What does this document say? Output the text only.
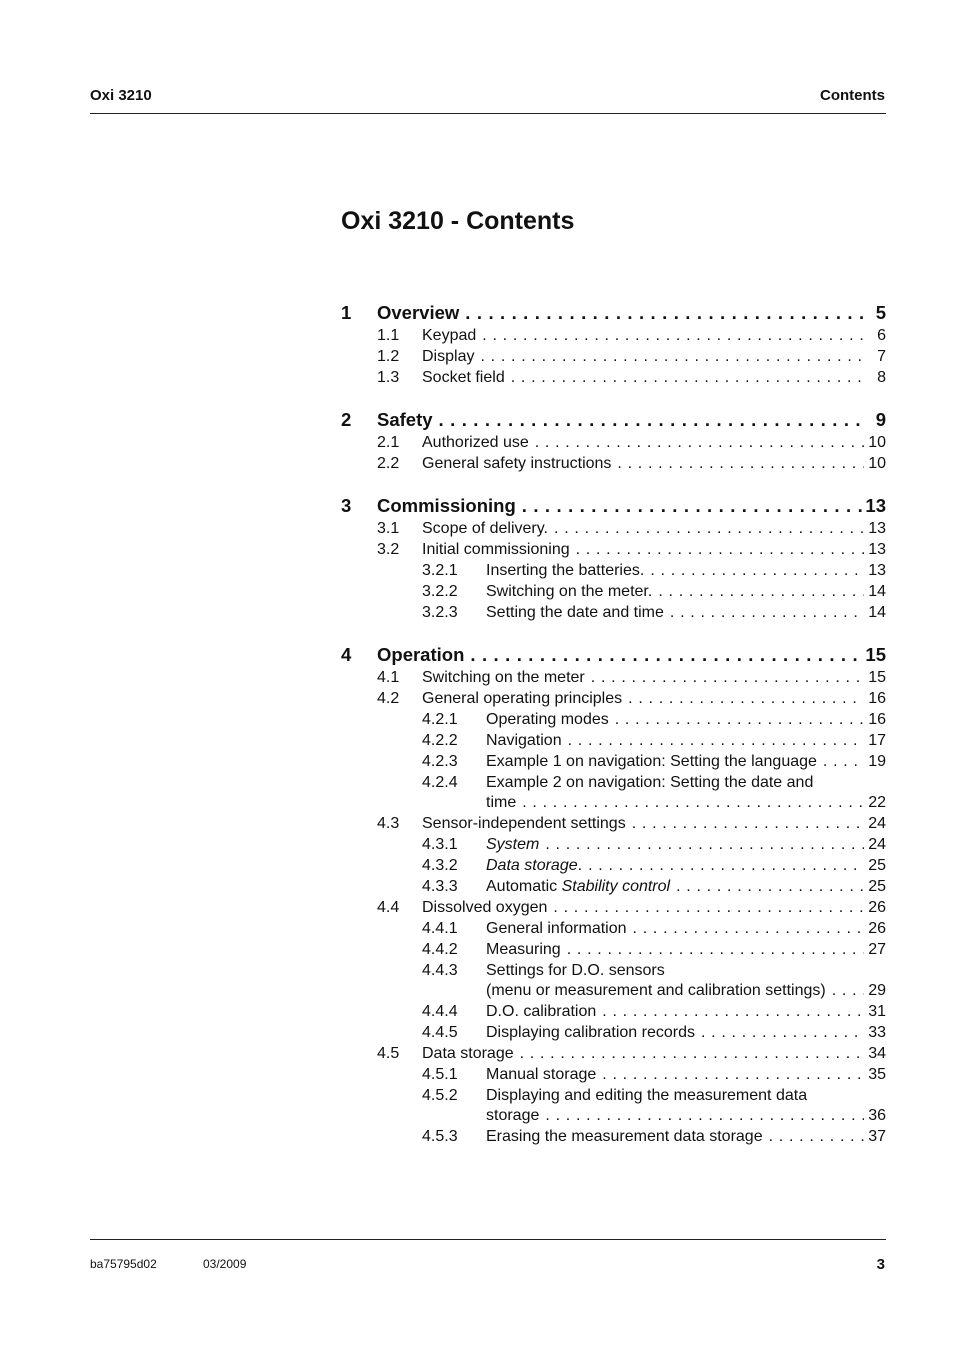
Oxi 3210	Contents
Oxi 3210 - Contents
1 Overview . . .	5
1.1 Keypad . . .	6
1.2 Display . . .	7
1.3 Socket field . . .	8
2 Safety . . .	9
2.1 Authorized use . . .	10
2.2 General safety instructions . . .	10
3 Commissioning . . .	13
3.1 Scope of delivery. . . .	13
3.2 Initial commissioning . . .	13
3.2.1 Inserting the batteries. . . .	13
3.2.2 Switching on the meter. . . .	14
3.2.3 Setting the date and time . . .	14
4 Operation . . .	15
4.1 Switching on the meter . . .	15
4.2 General operating principles . . .	16
4.2.1 Operating modes . . .	16
4.2.2 Navigation . . .	17
4.2.3 Example 1 on navigation: Setting the language . . .	19
4.2.4 Example 2 on navigation: Setting the date and
time . . .	22
4.3 Sensor-independent settings . . .	24
4.3.1 System . . .	24
4.3.2 Data storage. . . .	25
4.3.3 Automatic Stability control . . .	25
4.4 Dissolved oxygen . . .	26
4.4.1 General information . . .	26
4.4.2 Measuring . . .	27
4.4.3 Settings for D.O. sensors
(menu or measurement and calibration settings) . . .	29
4.4.4 D.O. calibration . . .	31
4.4.5 Displaying calibration records . . .	33
4.5 Data storage . . .	34
4.5.1 Manual storage . . .	35
4.5.2 Displaying and editing the measurement data
storage . . .	36
4.5.3 Erasing the measurement data storage . . .	37
ba75795d02	03/2009	3
